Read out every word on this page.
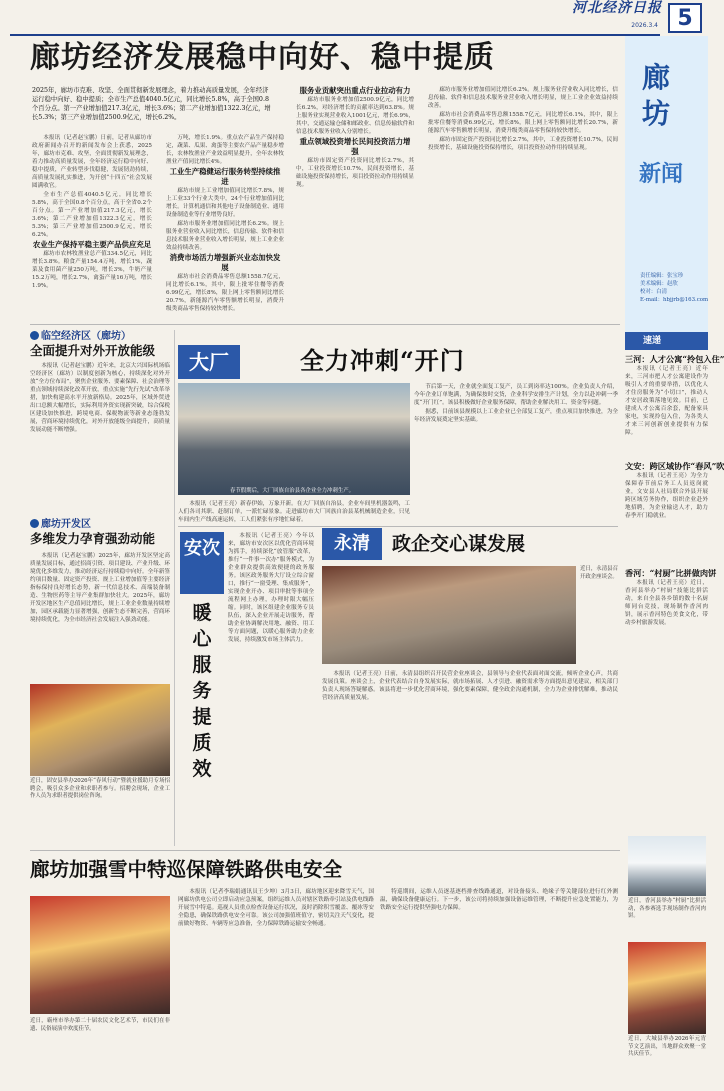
河北经济日报
2026.3.4 5
廊坊经济发展稳中向好、稳中提质
2025年，廊坊市克难、攻坚、全面贯彻新发展理念，着力推动高质量发展，全年经济运行稳中向好、稳中提质；全市生产总值4040.5亿元，同比增长5.8%，高于全国0.8个百分点。第一产业增加值217.3亿元，增长3.6%；第二产业增加值1322.3亿元，增长5.3%；第三产业增加值2500.9亿元，增长6.2%。

本报讯（记者赵宝鹏）日前，记者从廊坊市政府新闻办召开的新闻发布会上获悉，2025年，廊坊市克难、攻坚，全面贯彻新发展理念，着力推动高质量发展，全年经济运行稳中向好、稳中提质，产业转型步伐稳健，发展韧劲持续，高质量发展扎实推进，为开创“十四五”社会发展圆满收官。

全市生产总值4040.5亿元，同比增长5.8%，高于全国0.8个百分点，高于全省0.2个百分点。第一产业增加值217.3亿元，增长3.6%；第二产业增加值1322.3亿元，增长5.3%；第三产业增加值2500.9亿元，增长6.2%。

农业生产保持平稳主要产品供应充足

廊坊市农林牧渔业总产值334.5亿元，同比增长3.8%。粮食产量154.4万吨，增长1%，蔬菜及食用菌产量250万吨，增长3%，牛奶产量15.2万吨，增长2.7%，禽蛋产量16万吨，增长1.9%。

万吨，增长1.9%。重点农产品生产保持稳定，蔬菜、瓜果、禽蛋等主要农产品产量稳步增长，农林牧渔业产业效益明显提升，全年农林牧渔业产值同比增长4%。

工业生产稳健运行服务转型持续推进

廊坊市规上工业增加值同比增长7.8%，规上工业33个行业大类中，24个行业增加值同比增长。计算机通信和其他电子设备制造业、通用设备制造业等行业增势良好。

廊坊市服务业增加值同比增长6.2%。规上服务业营业收入同比增长，信息传输、软件和信息技术服务业营业收入增长明显，规上工业企业效益持续改善。

消费市场活力增强新兴业态加快发展

廊坊市社会消费品零售总额1558.7亿元，同比增长6.1%，其中，限上批零住餐等消费6.99亿元，增长8%，限上网上零售额同比增长20.7%，新能源汽车零售额增长明显，消费升级类商品零售保持较快增长。

服务业贡献突出重点行业拉动有力

廊坊市服务业增加值2500.9亿元，同比增长6.2%，对经济增长的贡献率达到63.8%。规上服务业实现营业收入1001亿元，增长6.9%，其中，交通运输仓储和邮政业、信息传输软件和信息技术服务业收入分别增长。

重点领域投资增长民间投资活力增强

廊坊市固定资产投资同比增长2.7%，其中，工业投资增长10.7%，民间投资增长，基础设施投资保持增长，项目投资拉动作用持续显现。

廊坊市服务业增加值同比增长6.2%。规上服务业营业收入同比增长，信息传输、软件和信息技术服务业营业收入增长明显，规上工业企业效益持续改善。

廊坊市社会消费品零售总额1558.7亿元，同比增长6.1%，其中，限上批零住餐等消费6.99亿元，增长8%，限上网上零售额同比增长20.7%，新能源汽车零售额增长明显，消费升级类商品零售保持较快增长。

廊坊市固定资产投资同比增长2.7%，其中，工业投资增长10.7%，民间投资增长，基础设施投资保持增长，项目投资拉动作用持续显现。

廊坊
新闻
责任编辑：张宝珍
美术编辑：赵欣
校对：白清
E-mail：hbjjrb@163.com
临空经济区（廊坊）
全面提升对外开放能级

本报讯（记者赵宝鹏）近年来，北京大兴国际机场临空经济区（廊坊）以制度创新为核心，持续深化对外开放“全方位布局”，聚焦企业服务、要素保障、社会治理等重点领域持续深化改革开放，重点实施“先行先试”改革举措，加快构建高水平开放新格局。2025年，区域外贸进出口总额大幅增长，实际利用外资实现新突破，综合保税区建设加快推进，跨境电商、保税物流等新业态蓬勃发展，营商环境持续优化，对外开放能级全面提升，高质量发展动能不断增强。

廊坊开发区
多维发力孕育强劲动能

本报讯（记者赵宝鹏）2025年，廊坊开发区坚定高质量发展目标，通过招商引资、项目建设、产业升级、环境优化多维发力，推动经济运行持续稳中向好。全年新签约项目数量、固定资产投资、规上工业增加值等主要经济指标保持良好增长态势，新一代信息技术、高端装备制造、生物医药等主导产业集群加快壮大。2025年，廊坊开发区地区生产总值同比增长，规上工业企业数量持续增加，园区承载能力显著增强，创新生态不断完善，营商环境持续优化，为全市经济社会发展注入强劲动能。

近日，固安县举办2026年“春风行动”暨就业援助月专场招聘会，吸引众多企业和求职者参与。招聘会现场，企业工作人员为求职者提供岗位咨询。
近日，霸州市举办第二十届农民文化艺术节，市民们在非遗、民俗展演中欢度佳节。
大厂	全力冲刺“开门
春节假期后，大厂回族自治县各企业全力冲刺生产。

本报讯（记者王亮）新春伊始，万象开新。在大厂回族自治县，企业车间里机器轰鸣，工人们各司其职、赶制订单，一派忙碌景象。走进廊坊市大厂回族自治县某机械制造企业，只见车间内生产线高速运转，工人们紧张有序地忙碌着。

节后第一天，企业就全面复工复产，员工到岗率达100%。企业负责人介绍，今年企业订单饱满，为确保按时交货，企业科学安排生产计划，全力以赴冲刺一季度“开门红”。该县积极做好企业服务保障，帮助企业解决用工、资金等问题。

据悉，目前该县规模以上工业企业已全部复工复产，重点项目加快推进，为全年经济发展奠定坚实基础。

安次
暖心服务提质效

本报讯（记者王亮）今年以来，廊坊市安次区以优化营商环境为抓手，持续深化“放管服”改革，推行“一件事一次办”服务模式，为企业群众提供高效便捷的政务服务。该区政务服务大厅设立综合窗口，推行“一窗受理、集成服务”，实现企业开办、项目审批等事项全流程网上办理，办理时限大幅压缩。同时，该区组建企业服务专员队伍，深入企业开展走访服务，帮助企业协调解决用地、融资、用工等方面问题，以暖心服务助力企业发展，持续激发市场主体活力。

永清	政企交心谋发展
近日，永清县召开政企座谈会。

本报讯（记者王亮）日前，永清县组织召开民营企业座谈会，县领导与企业代表面对面交流，倾听企业心声，共商发展良策。座谈会上，企业代表结合自身发展实际，就市场拓展、人才引进、融资需求等方面提出意见建议，相关部门负责人现场答疑解惑。该县将进一步优化营商环境，强化要素保障，健全政企沟通机制，全力为企业排忧解难，推动民营经济高质量发展。

廊坊加强雪中特巡保障铁路供电安全

本报讯（记者李瑞娟通讯员王少坤）3月3日，廊坊地区迎来降雪天气，国网廊坊供电公司立即启动应急预案，组织运维人员对辖区铁路牵引站及供电线路开展雪中特巡。巡视人员重点检查设备运行状况，及时消除积雪覆盖、覆冰等安全隐患，确保铁路供电安全可靠。该公司加强值班值守，密切关注天气变化，提前做好物资、车辆等应急准备，全力保障铁路运输安全畅通。

特巡期间，运维人员逐基逐档排查线路通道，对设备接头、绝缘子等关键部位进行红外测温，确保设备健康运行。下一步，该公司将持续加强设备运维管理，不断提升应急处置能力，为铁路安全运行提供坚强电力保障。

速递
三河：人才公寓“拎包入住”

本报讯（记者王亮）近年来，三河市把人才公寓建设作为吸引人才的重要举措，以优化人才住房服务为“小切口”，推动人才安居政策落地见效。目前，已建成人才公寓百余套，配备家具家电，实现拎包入住，为各类人才来三河创新创业提供有力保障。

文安：跨区域协作“春风”吹

本报讯（记者王亮）为全力保障春节前后务工人员返岗就业，文安县人社局联合外县开展跨区域劳务协作，组织企业赴外地招聘，为企业输送人才，助力春季开门稳就业。

香河：“村厨”比拼做肉饼

本报讯（记者王亮）近日，香河县举办“村厨”技能比拼活动，来自全县各乡镇的数十名厨师同台竞技，现场制作香河肉饼，展示香河特色美食文化，带动乡村旅游发展。

近日，香河县举办“村厨”比拼活动，各参赛选手现场制作香河肉饼。
近日，大城县举办2026年元宵节文艺演出，当地群众欢聚一堂共庆佳节。
